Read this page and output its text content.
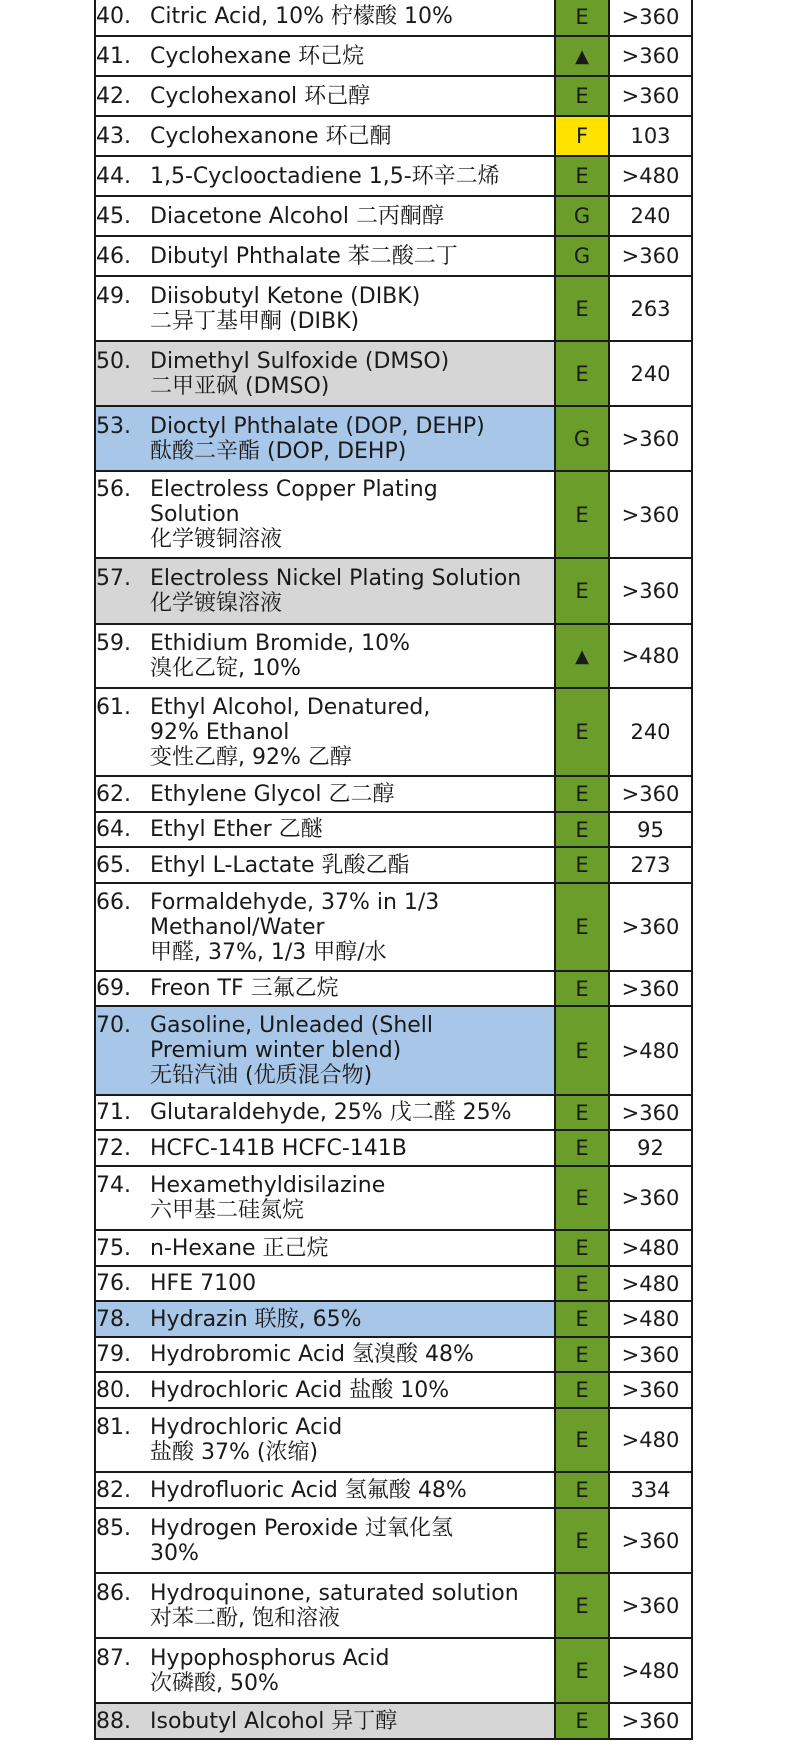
40. Citric Acid, 10% 柠檬酸 10%	E	>360
41. Cyclohexane 环己烷	▲	>360
42. Cyclohexanol 环己醇	E	>360
43. Cyclohexanone 环己酮	F	103
44. 1,5-Cyclooctadiene 1,5-环辛二烯	E	>480
45. Diacetone Alcohol 二丙酮醇	G	240
46. Dibutyl Phthalate 苯二酸二丁	G	>360
49. Diisobutyl Ketone (DIBK)
二异丁基甲酮 (DIBK)	E	263
50. Dimethyl Sulfoxide (DMSO)
二甲亚砜 (DMSO)	E	240
53. Dioctyl Phthalate (DOP, DEHP)
酞酸二辛酯 (DOP, DEHP)	G	>360
56. Electroless Copper Plating
Solution
化学镀铜溶液	E	>360
57. Electroless Nickel Plating Solution
化学镀镍溶液	E	>360
59. Ethidium Bromide, 10%
溴化乙锭, 10%	▲	>480
61. Ethyl Alcohol, Denatured,
92% Ethanol
变性乙醇, 92% 乙醇	E	240
62. Ethylene Glycol 乙二醇	E	>360
64. Ethyl Ether 乙醚	E	95
65. Ethyl L-Lactate 乳酸乙酯	E	273
66. Formaldehyde, 37% in 1/3
Methanol/Water
甲醛, 37%, 1/3 甲醇/水	E	>360
69. Freon TF 三氟乙烷	E	>360
70. Gasoline, Unleaded (Shell
Premium winter blend)
无铅汽油 (优质混合物)	E	>480
71. Glutaraldehyde, 25% 戊二醛 25%	E	>360
72. HCFC-141B HCFC-141B	E	92
74. Hexamethyldisilazine
六甲基二硅氮烷	E	>360
75. n-Hexane 正己烷	E	>480
76. HFE 7100	E	>480
78. Hydrazin 联胺, 65%	E	>480
79. Hydrobromic Acid 氢溴酸 48%	E	>360
80. Hydrochloric Acid 盐酸 10%	E	>360
81. Hydrochloric Acid
盐酸 37% (浓缩)	E	>480
82. Hydrofluoric Acid 氢氟酸 48%	E	334
85. Hydrogen Peroxide 过氧化氢
30%	E	>360
86. Hydroquinone, saturated solution
对苯二酚, 饱和溶液	E	>360
87. Hypophosphorus Acid
次磷酸, 50%	E	>480
88. Isobutyl Alcohol 异丁醇	E	>360
